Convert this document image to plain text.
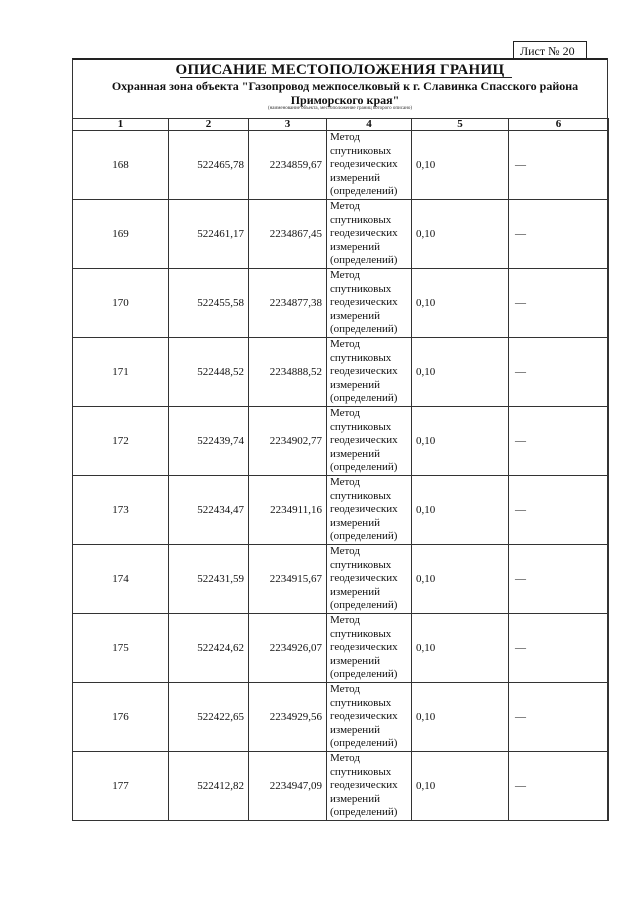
Лист № 20
ОПИСАНИЕ МЕСТОПОЛОЖЕНИЯ ГРАНИЦ
Охранная зона объекта "Газопровод межпоселковый к г. Славинка Спасского района
Приморского края"
(наименование объекта, местоположение границ которого описано)
1	2	3	4	5	6
168	522465,78	2234859,67	Метод спутниковых геодезических измерений (определений)	0,10	—
169	522461,17	2234867,45	Метод спутниковых геодезических измерений (определений)	0,10	—
170	522455,58	2234877,38	Метод спутниковых геодезических измерений (определений)	0,10	—
171	522448,52	2234888,52	Метод спутниковых геодезических измерений (определений)	0,10	—
172	522439,74	2234902,77	Метод спутниковых геодезических измерений (определений)	0,10	—
173	522434,47	2234911,16	Метод спутниковых геодезических измерений (определений)	0,10	—
174	522431,59	2234915,67	Метод спутниковых геодезических измерений (определений)	0,10	—
175	522424,62	2234926,07	Метод спутниковых геодезических измерений (определений)	0,10	—
176	522422,65	2234929,56	Метод спутниковых геодезических измерений (определений)	0,10	—
177	522412,82	2234947,09	Метод спутниковых геодезических измерений (определений)	0,10	—
